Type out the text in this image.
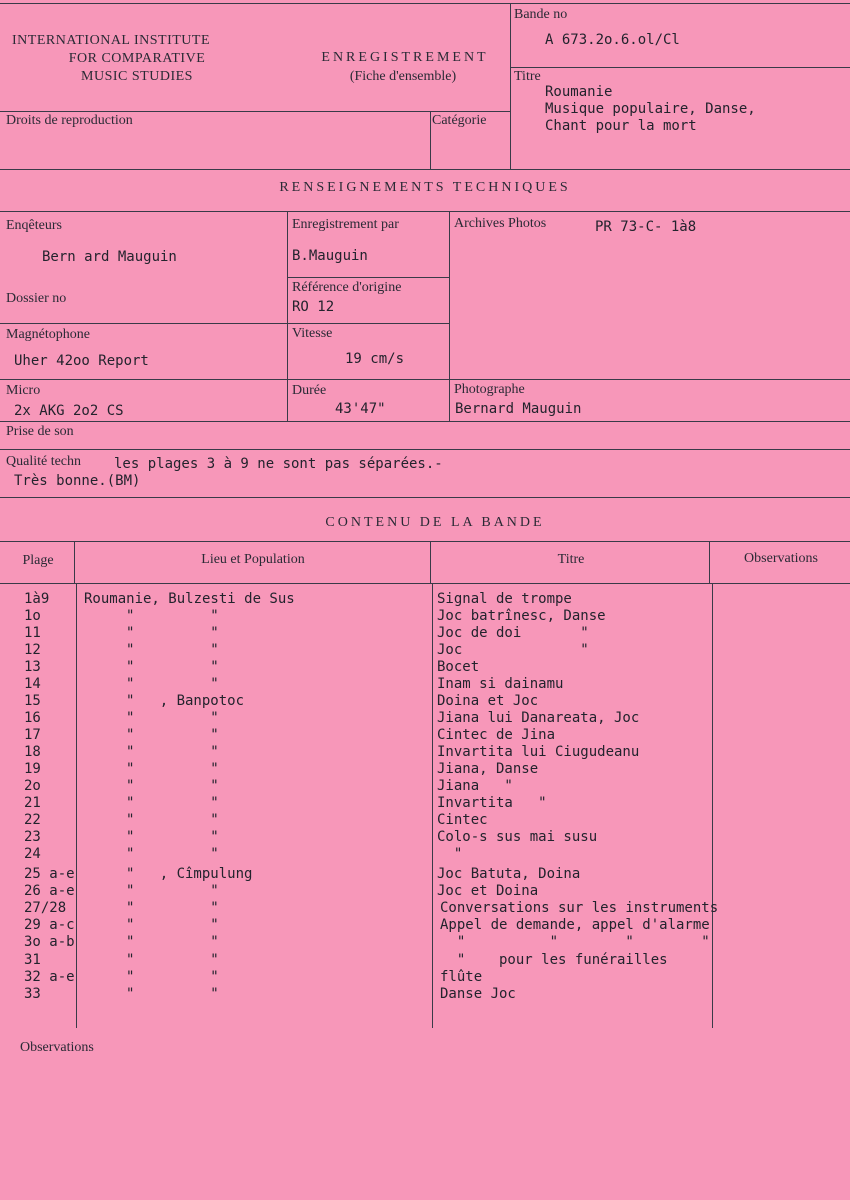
INTERNATIONAL INSTITUTE
FOR COMPARATIVE
MUSIC STUDIES
ENREGISTREMENT
(Fiche d'ensemble)
Bande no
A 673.2o.6.ol/Cl
Titre
Roumanie
Musique populaire, Danse,
Chant pour la mort
Droits de reproduction	Catégorie
RENSEIGNEMENTS TECHNIQUES
Enqêteurs
Bern ard Mauguin
Enregistrement par
B.Mauguin
Archives Photos	PR 73-C- 1à8
Dossier no
Référence d'origine
RO 12
Magnétophone
Uher 42oo Report
Vitesse
19 cm/s
Micro
2x AKG 2o2 CS
Durée
43'47"
Photographe
Bernard Mauguin
Prise de son
Qualité techn les plages 3 à 9 ne sont pas séparées.-
Très bonne.(BM)
CONTENU DE LA BANDE
Plage	Lieu et Population	Titre	Observations
1à9 Roumanie, Bulzesti de Sus	Signal de trompe
1o	"         "	Joc batrînesc, Danse
11	"         "	Joc de doi       "
12	"         "	Joc              "
13	"         "	Bocet
14	"         "	Inam si dainamu
15	"   , Banpotoc	Doina et Joc
16	"         "	Jiana lui Danareata, Joc
17	"         "	Cintec de Jina
18	"         "	Invartita lui Ciugudeanu
19	"         "	Jiana, Danse
2o	"         "	Jiana   "
21	"         "	Invartita   "
22	"         "	Cintec
23	"         "	Colo-s sus mai susu
24	"         "	"
25 a-e	"   , Cîmpulung	Joc Batuta, Doina
26 a-e	"         "	Joc et Doina
27/28	"         "	Conversations sur les instruments
29 a-c	"         "	Appel de demande, appel d'alarme
3o a-b	"         "	"          "        "        "
31	"         "	"    pour les funérailles
32 a-e	"         "	flûte
33	"         "	Danse Joc
Observations
